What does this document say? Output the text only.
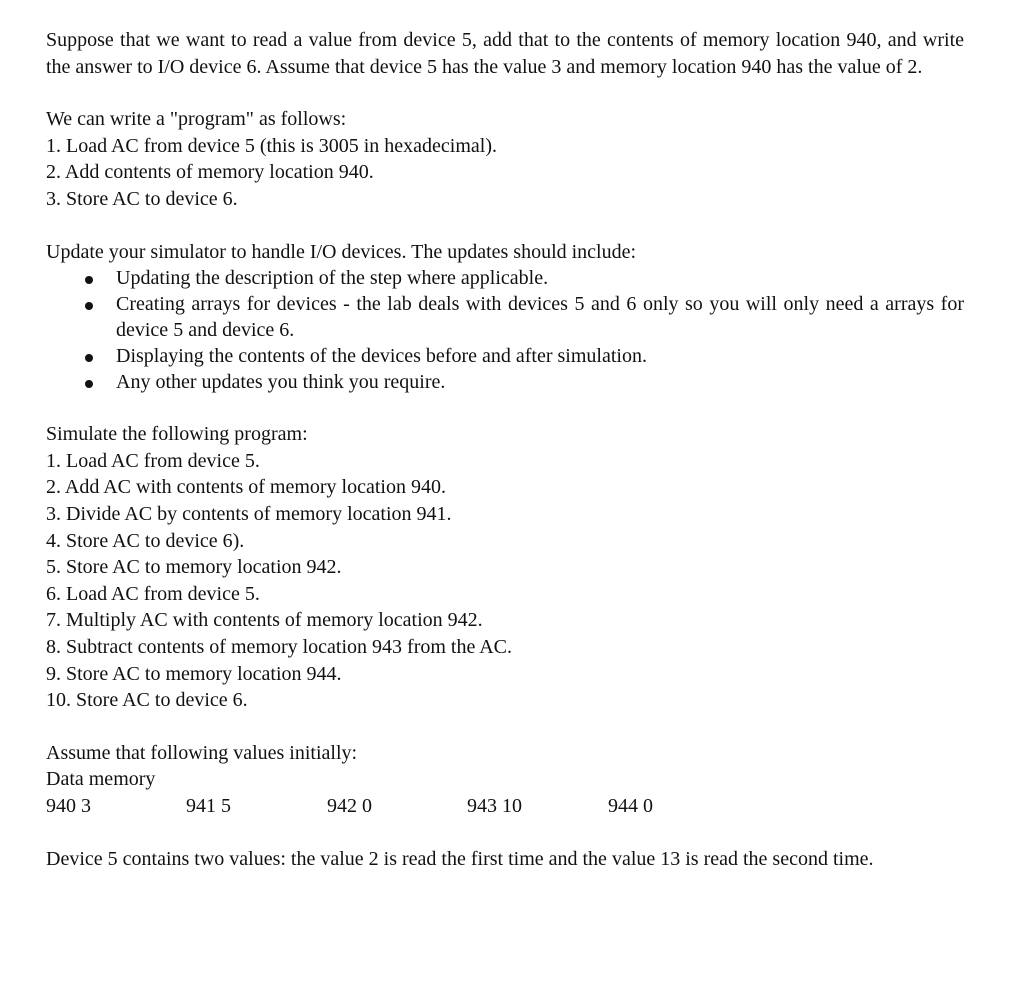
Suppose that we want to read a value from device 5, add that to the contents of memory location 940, and write the answer to I/O device 6. Assume that device 5 has the value 3 and memory location 940 has the value of 2.
We can write a "program" as follows:
1. Load AC from device 5 (this is 3005 in hexadecimal).
2. Add contents of memory location 940.
3. Store AC to device 6.
Update your simulator to handle I/O devices. The updates should include:
Updating the description of the step where applicable.
Creating arrays for devices - the lab deals with devices 5 and 6 only so you will only need a arrays for device 5 and device 6.
Displaying the contents of the devices before and after simulation.
Any other updates you think you require.
Simulate the following program:
1. Load AC from device 5.
2. Add AC with contents of memory location 940.
3. Divide AC by contents of memory location 941.
4. Store AC to device 6).
5. Store AC to memory location 942.
6. Load AC from device 5.
7. Multiply AC with contents of memory location 942.
8. Subtract contents of memory location 943 from the AC.
9. Store AC to memory location 944.
10. Store AC to device 6.
Assume that following values initially:
Data memory
940 3	941 5	942 0	943 10	944 0
Device 5 contains two values: the value 2 is read the first time and the value 13 is read the second time.
